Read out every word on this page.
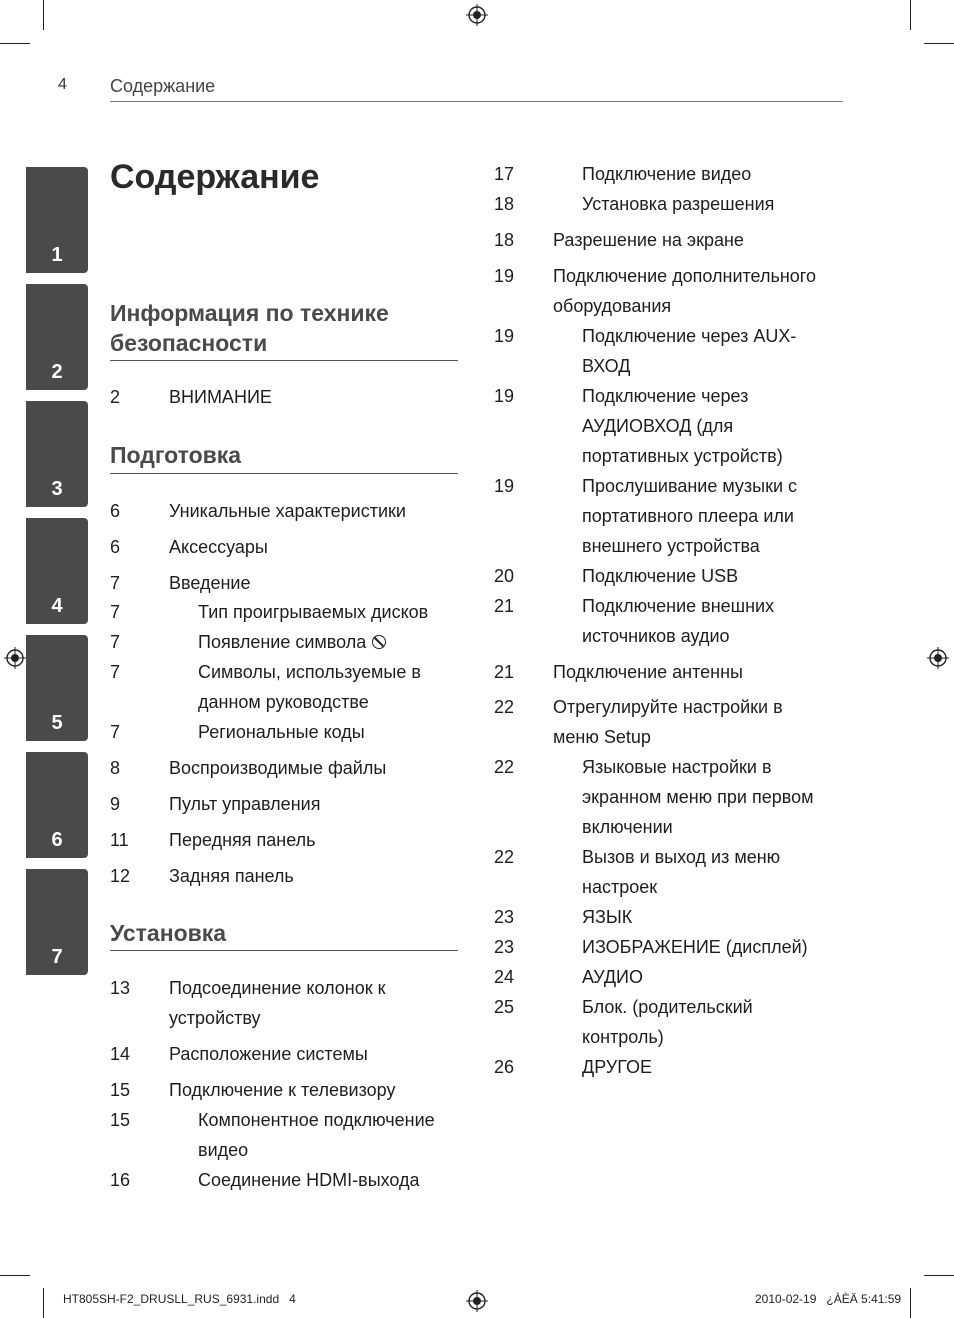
4 Содержание
1
2
3
4
5
6
7
Содержание
Информация по технике безопасности
2	ВНИМАНИЕ
Подготовка
6	Уникальные характеристики
6	Аксессуары
7	Введение
7	Тип проигрываемых дисков
7	Появление символа
7	Символы, используемые в
данном руководстве
7	Региональные коды
8	Воспроизводимые файлы
9	Пульт управления
11 Передняя панель
12 Задняя панель
Установка
13 Подсоединение колонок к
устройству
14 Расположение системы
15 Подключение к телевизору
15	Компонентное подключение
видео
16	Соединение HDMI-выхода
17	Подключение видео
18	Установка разрешения
18 Разрешение на экране
19 Подключение дополнительного
оборудования
19	Подключение через AUX-
ВХОД
19	Подключение через
АУДИОВХОД (для
портативных устройств)
19	Прослушивание музыки с
портативного плеера или
внешнего устройства
20	Подключение USB
21	Подключение внешних
источников аудио
21 Подключение антенны
22 Отрегулируйте настройки в
меню Setup
22	Языковые настройки в
экранном меню при первом
включении
22	Вызов и выход из меню
настроек
23	ЯЗЫК
23	ИЗОБРАЖЕНИЕ (дисплей)
24	АУДИО
25	Блок. (родительский
контроль)
26	ДРУГОЕ
HT805SH-F2_DRUSLL_RUS_6931.indd   4	2010-02-19   ¿ÀÈÄ 5:41:59
